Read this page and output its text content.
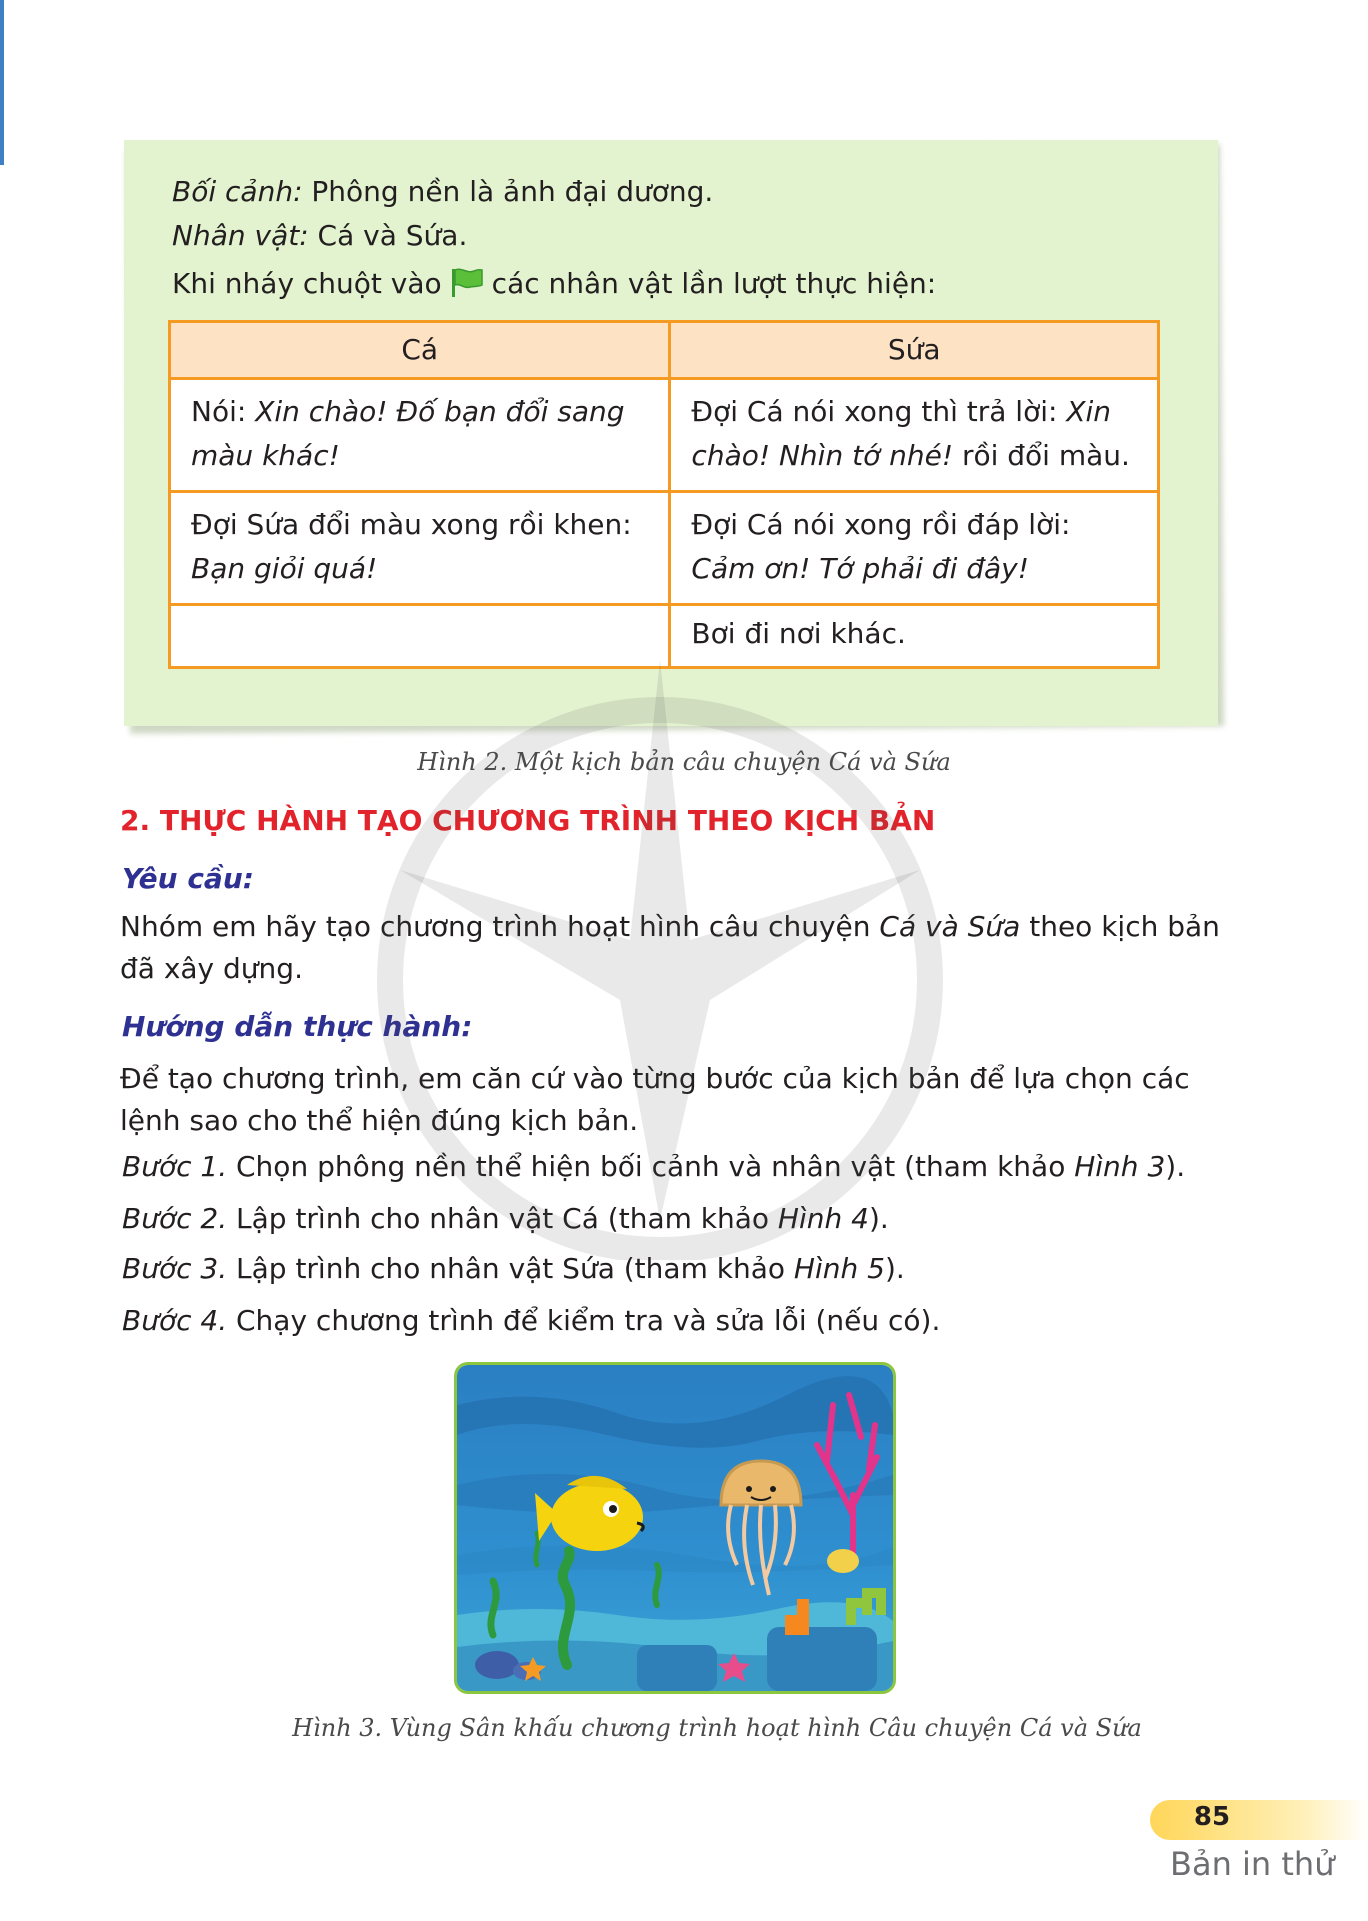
Bối cảnh: Phông nền là ảnh đại dương.
Nhân vật: Cá và Sứa.
Khi nháy chuột vào các nhân vật lần lượt thực hiện:
Cá	Sứa
Nói: Xin chào! Đố bạn đổi sang màu khác!	Đợi Cá nói xong thì trả lời: Xin chào! Nhìn tớ nhé! rồi đổi màu.
Đợi Sứa đổi màu xong rồi khen: Bạn giỏi quá!	Đợi Cá nói xong rồi đáp lời: Cảm ơn! Tớ phải đi đây!
	Bơi đi nơi khác.
Hình 2. Một kịch bản câu chuyện Cá và Sứa
2. THỰC HÀNH TẠO CHƯƠNG TRÌNH THEO KỊCH BẢN
Yêu cầu:
Nhóm em hãy tạo chương trình hoạt hình câu chuyện Cá và Sứa theo kịch bản đã xây dựng.
Hướng dẫn thực hành:
Để tạo chương trình, em căn cứ vào từng bước của kịch bản để lựa chọn các lệnh sao cho thể hiện đúng kịch bản.
Bước 1. Chọn phông nền thể hiện bối cảnh và nhân vật (tham khảo Hình 3).
Bước 2. Lập trình cho nhân vật Cá (tham khảo Hình 4).
Bước 3. Lập trình cho nhân vật Sứa (tham khảo Hình 5).
Bước 4. Chạy chương trình để kiểm tra và sửa lỗi (nếu có).
Hình 3. Vùng Sân khấu chương trình hoạt hình Câu chuyện Cá và Sứa
85
Bản in thử
